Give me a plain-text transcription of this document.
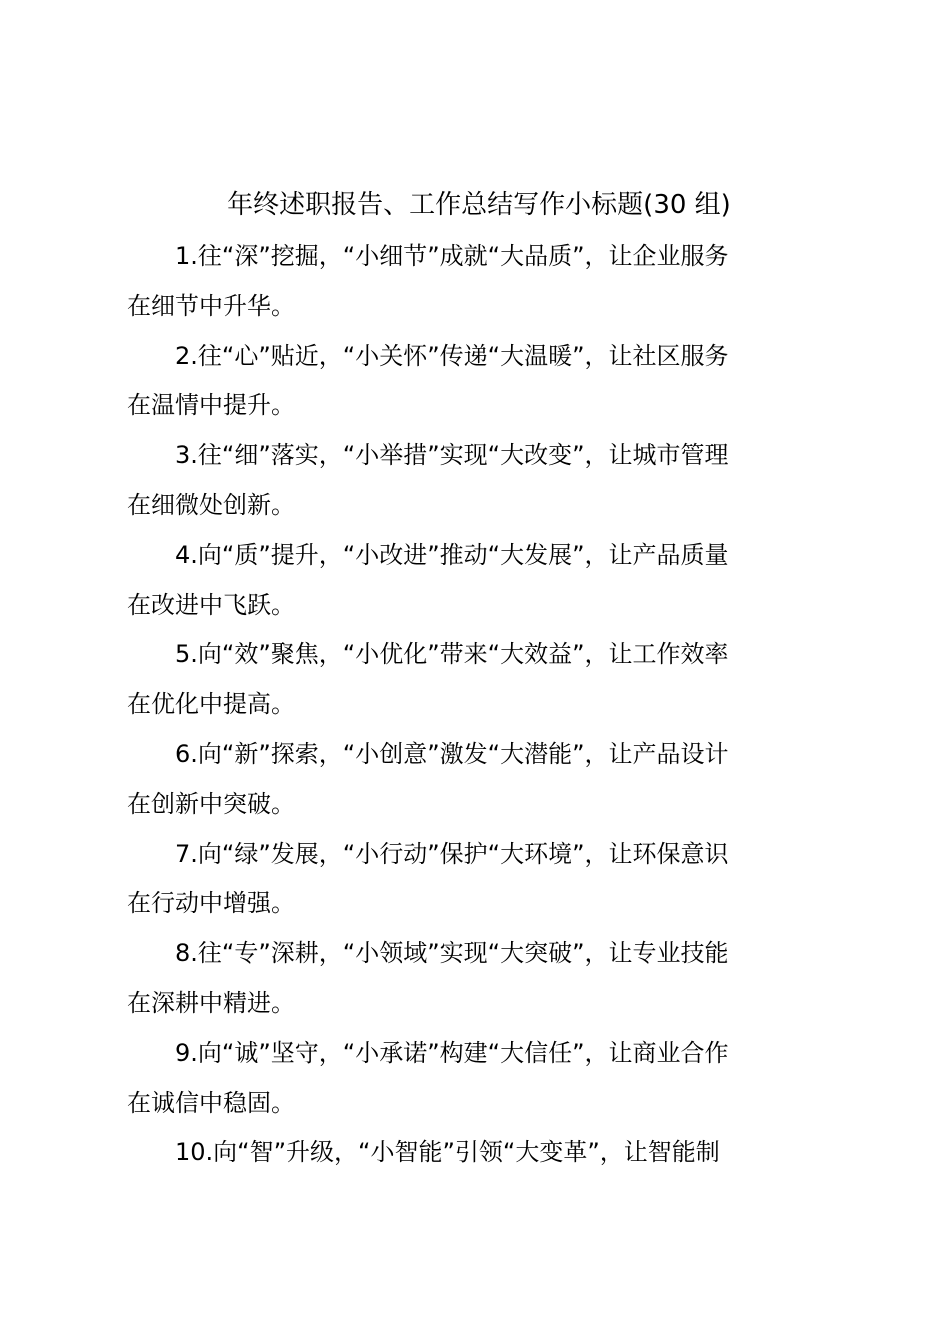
年终述职报告、工作总结写作小标题(30 组)

1.往“深”挖掘，“小细节”成就“大品质”，让企业服务
在细节中升华。

2.往“心”贴近，“小关怀”传递“大温暖”，让社区服务
在温情中提升。

3.往“细”落实，“小举措”实现“大改变”，让城市管理
在细微处创新。

4.向“质”提升，“小改进”推动“大发展”，让产品质量
在改进中飞跃。

5.向“效”聚焦，“小优化”带来“大效益”，让工作效率
在优化中提高。

6.向“新”探索，“小创意”激发“大潜能”，让产品设计
在创新中突破。

7.向“绿”发展，“小行动”保护“大环境”，让环保意识
在行动中增强。

8.往“专”深耕，“小领域”实现“大突破”，让专业技能
在深耕中精进。

9.向“诚”坚守，“小承诺”构建“大信任”，让商业合作
在诚信中稳固。

10.向“智”升级，“小智能”引领“大变革”，让智能制
